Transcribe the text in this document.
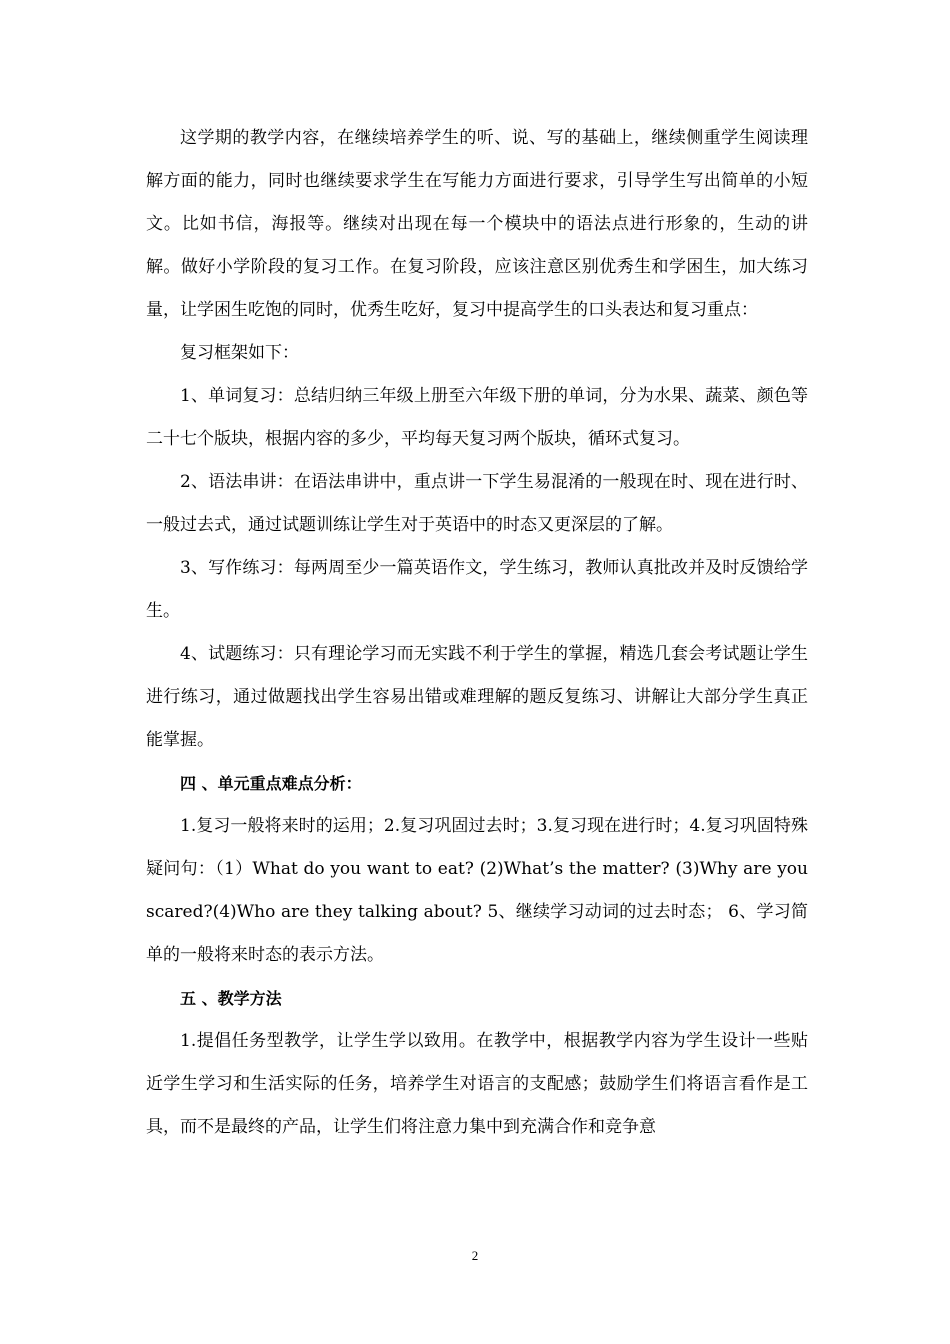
这学期的教学内容，在继续培养学生的听、说、写的基础上，继续侧重学生阅读理解方面的能力，同时也继续要求学生在写能力方面进行要求，引导学生写出简单的小短文。比如书信，海报等。继续对出现在每一个模块中的语法点进行形象的，生动的讲解。做好小学阶段的复习工作。在复习阶段，应该注意区别优秀生和学困生，加大练习量，让学困生吃饱的同时，优秀生吃好，复习中提高学生的口头表达和复习重点：

复习框架如下：

1、单词复习：总结归纳三年级上册至六年级下册的单词，分为水果、蔬菜、颜色等二十七个版块，根据内容的多少，平均每天复习两个版块，循环式复习。

2、语法串讲：在语法串讲中，重点讲一下学生易混淆的一般现在时、现在进行时、一般过去式，通过试题训练让学生对于英语中的时态又更深层的了解。

3、写作练习：每两周至少一篇英语作文，学生练习，教师认真批改并及时反馈给学生。

4、试题练习：只有理论学习而无实践不利于学生的掌握，精选几套会考试题让学生进行练习，通过做题找出学生容易出错或难理解的题反复练习、讲解让大部分学生真正能掌握。

四 、单元重点难点分析：

1.复习一般将来时的运用；2.复习巩固过去时；3.复习现在进行时；4.复习巩固特殊疑问句：（1）What do you want to eat? (2)What’s the matter? (3)Why are you scared?(4)Who are they talking about? 5、继续学习动词的过去时态； 6、学习简单的一般将来时态的表示方法。

五 、教学方法

1.提倡任务型教学，让学生学以致用。在教学中，根据教学内容为学生设计一些贴近学生学习和生活实际的任务，培养学生对语言的支配感；鼓励学生们将语言看作是工具，而不是最终的产品，让学生们将注意力集中到充满合作和竞争意

2
